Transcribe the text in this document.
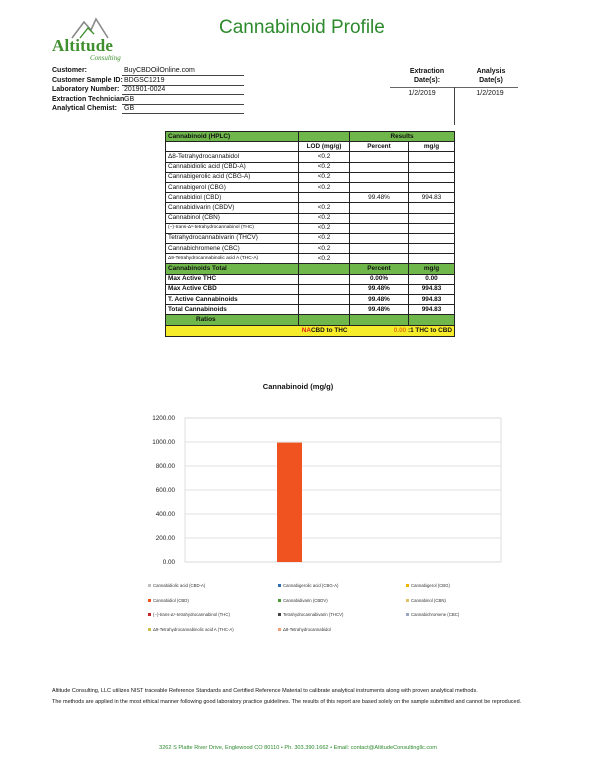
Altitude
Consulting
Cannabinoid Profile
Customer:	BuyCBDOilOnline.com
Customer Sample ID: BDGSC1219
Laboratory Number: 201901-0024
Extraction Technician GB
Analytical Chemist: GB
Extraction
Date(s):
Analysis
Date(s)
1/2/2019	1/2/2019
Cannabinoid (HPLC)		Results	
	LOD (mg/g)	Percent	mg/g
Δ8-Tetrahydrocannabidol	<0.2		
Cannabidiolic acid (CBD-A)	<0.2		
Cannabigerolic acid (CBG-A)	<0.2		
Cannabigerol (CBG)	<0.2		
Cannabidiol (CBD)		99.48%	994.83
Cannabidivarin (CBDV)	<0.2		
Cannabinol (CBN)	<0.2		
(−)-trans-Δ⁹-tetrahydrocannabinol (THC)	<0.2		
Tetrahydrocannabivarin (THCV)	<0.2		
Cannabichromene (CBC)	<0.2		
Δ9-Tetrahydrocannabinolic acid A (THC-A)	<0.2		
Cannabinoids Total		Percent	mg/g
Max Active THC		0.00%	0.00
Max Active CBD		99.48%	994.83
T. Active Cannabinoids		99.48%	994.83
Total Cannabinoids		99.48%	994.83
Ratios			
NACBD to THC		0.00 :1 THC to CBD	
Cannabinoid (mg/g)
0.00
200.00
400.00
600.00
800.00
1000.00
1200.00
Cannabidiolic acid (CBD-A)	Cannabigerolic acid (CBG-A)	Cannabigerol (CBG)
Cannabidiol (CBD)	Cannabidivarin (CBDV)	Cannabinol (CBN)
(−)-trans-Δ⁹-tetrahydrocannabinol (THC)	Tetrahydrocannabivarin (THCV)	Cannabichromene (CBC)
Δ9-Tetrahydrocannabinolic acid A (THC-A)	Δ8-Tetrahydrocannabidol
Altitude Consulting, LLC utilizes NIST traceable Reference Standards and Certified Reference Material to calibrate analytical instruments along with proven analytical methods.
The methods are applied in the most ethical manner following good laboratory practice guidelines. The results of this report are based solely on the sample submitted and cannot be reproduced.
3262 S Platte River Drive, Englewood CO 80110 • Ph. 303.390.1662 • Email: contact@AltitudeConsultingllc.com
